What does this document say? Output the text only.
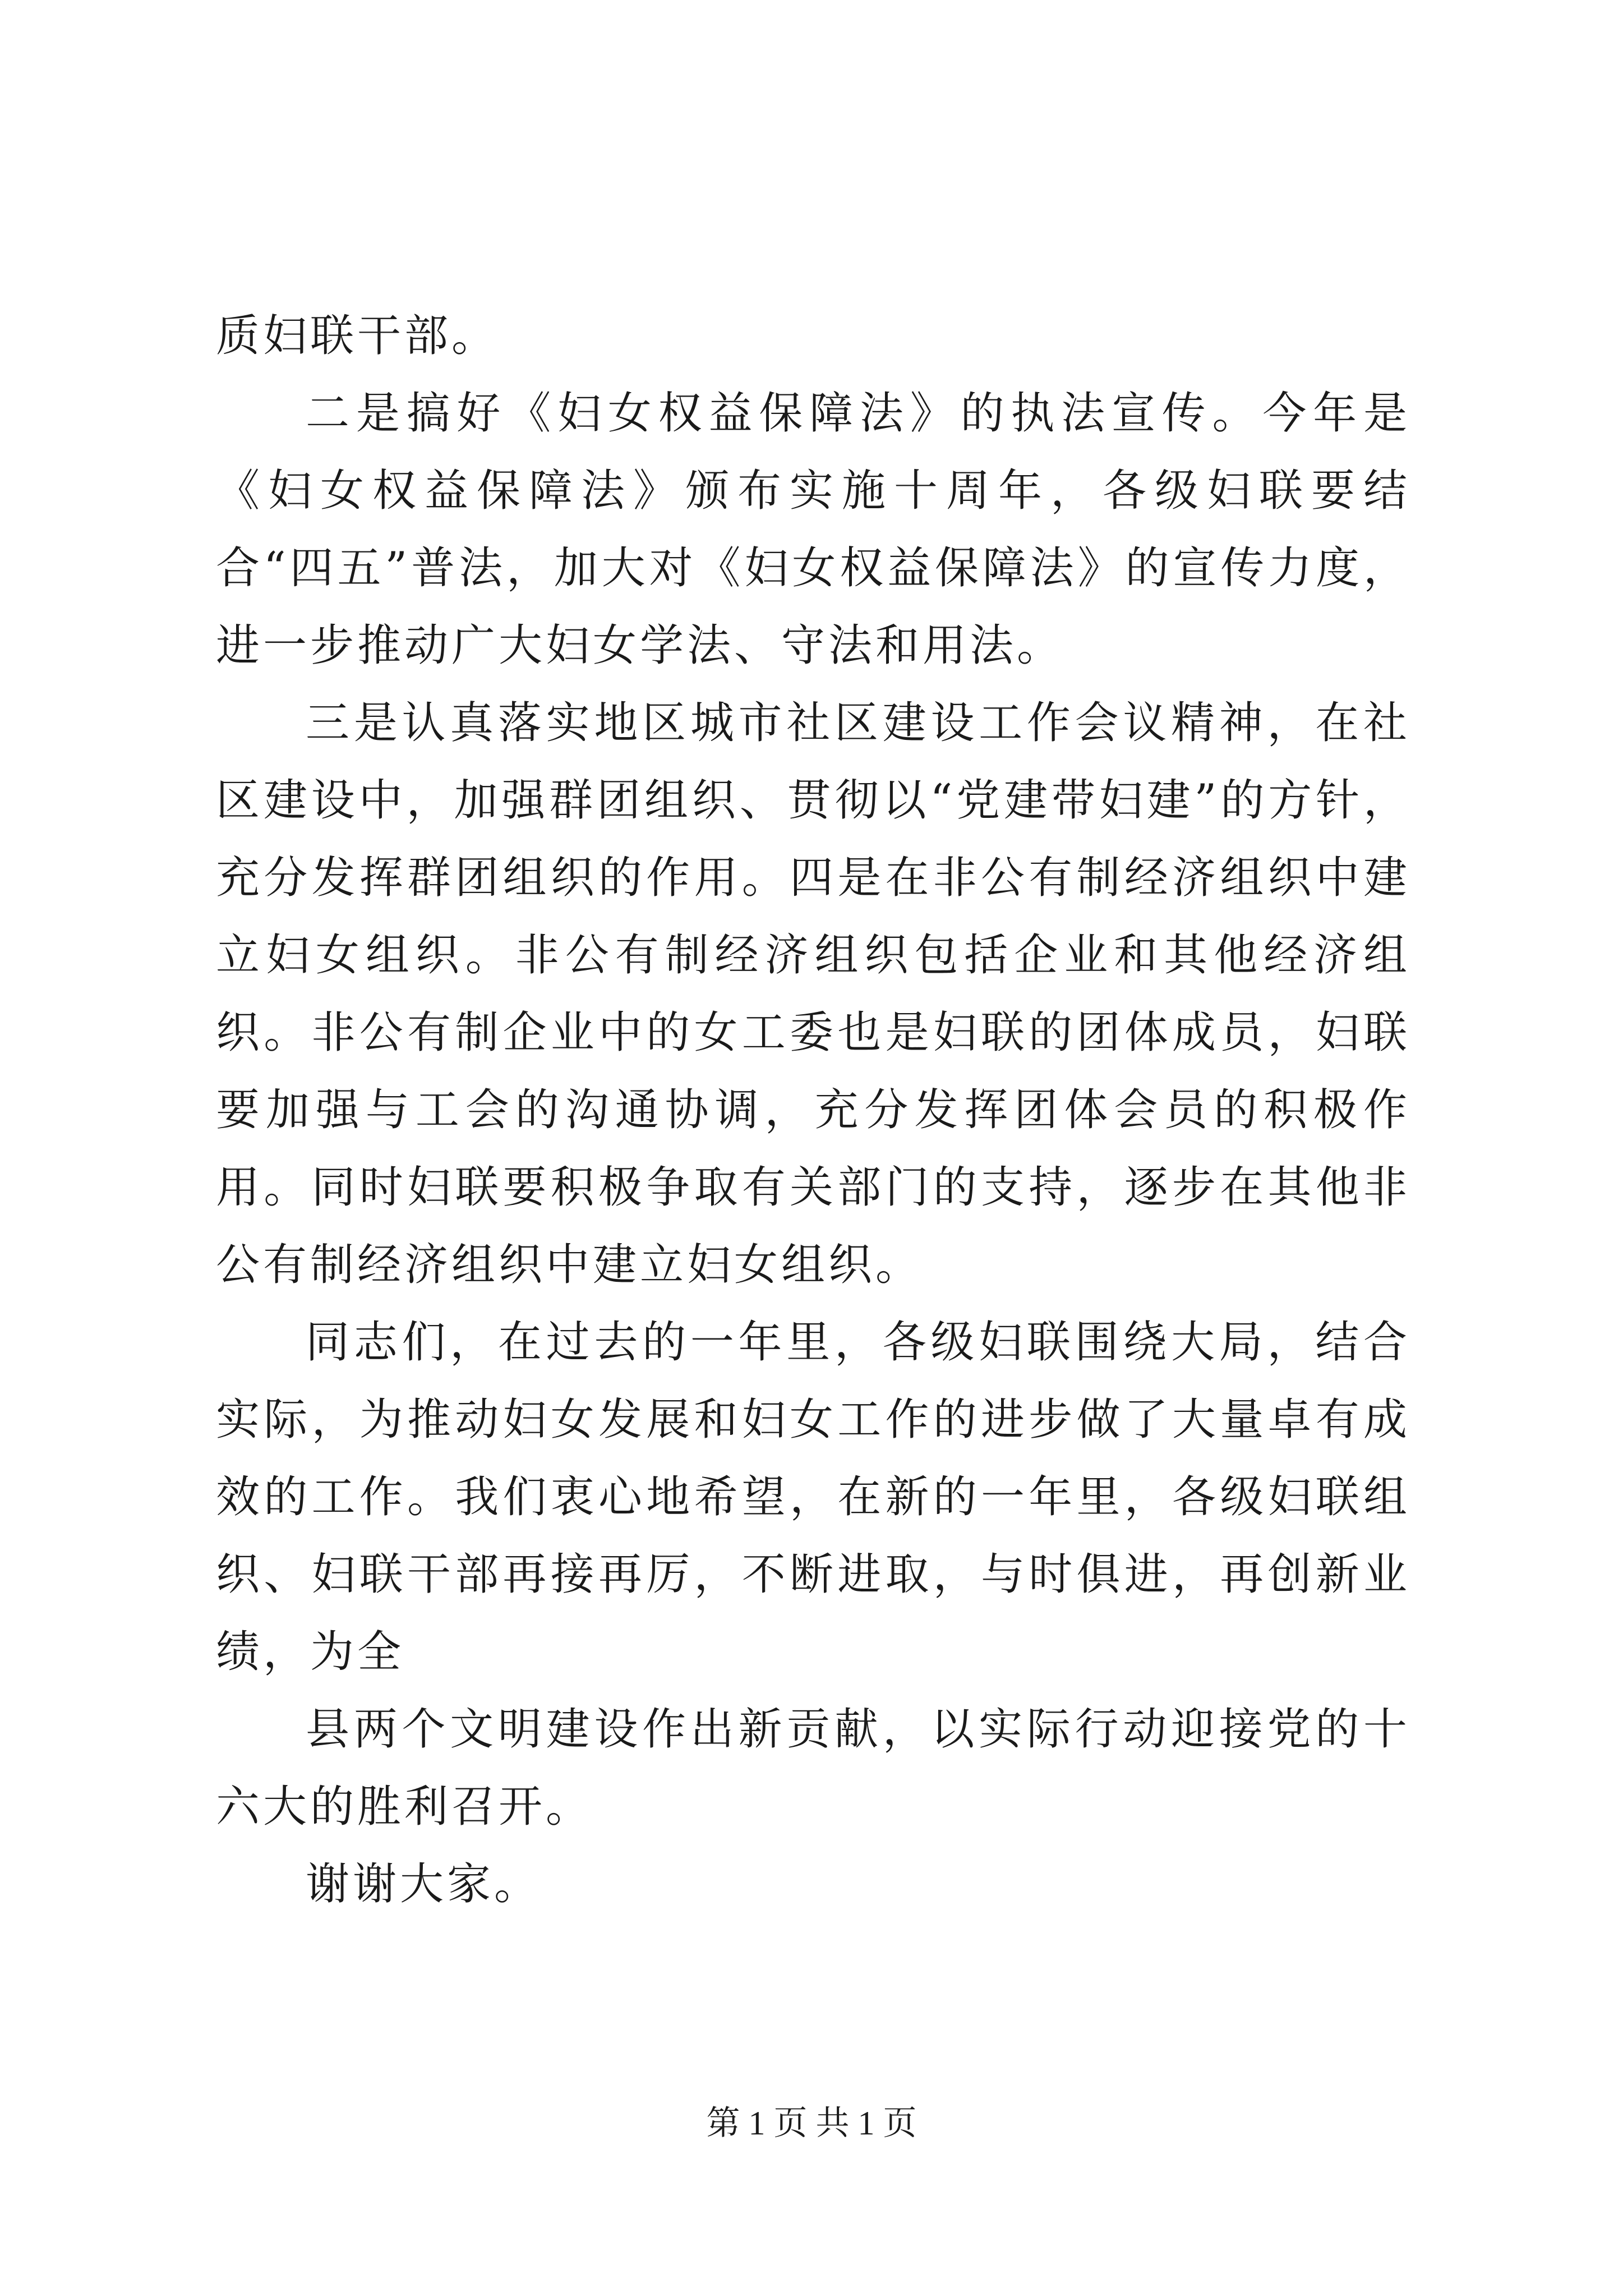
质妇联干部。

二是搞好《妇女权益保障法》的执法宣传。今年是《妇女权益保障法》颁布实施十周年，各级妇联要结合“四五”普法，加大对《妇女权益保障法》的宣传力度，进一步推动广大妇女学法、守法和用法。

三是认真落实地区城市社区建设工作会议精神，在社区建设中，加强群团组织、贯彻以“党建带妇建”的方针，充分发挥群团组织的作用。四是在非公有制经济组织中建立妇女组织。非公有制经济组织包括企业和其他经济组织。非公有制企业中的女工委也是妇联的团体成员，妇联要加强与工会的沟通协调，充分发挥团体会员的积极作用。同时妇联要积极争取有关部门的支持，逐步在其他非公有制经济组织中建立妇女组织。

同志们，在过去的一年里，各级妇联围绕大局，结合实际，为推动妇女发展和妇女工作的进步做了大量卓有成效的工作。我们衷心地希望，在新的一年里，各级妇联组织、妇联干部再接再厉，不断进取，与时俱进，再创新业绩，为全

县两个文明建设作出新贡献，以实际行动迎接党的十六大的胜利召开。

谢谢大家。

第 1 页 共 1 页
